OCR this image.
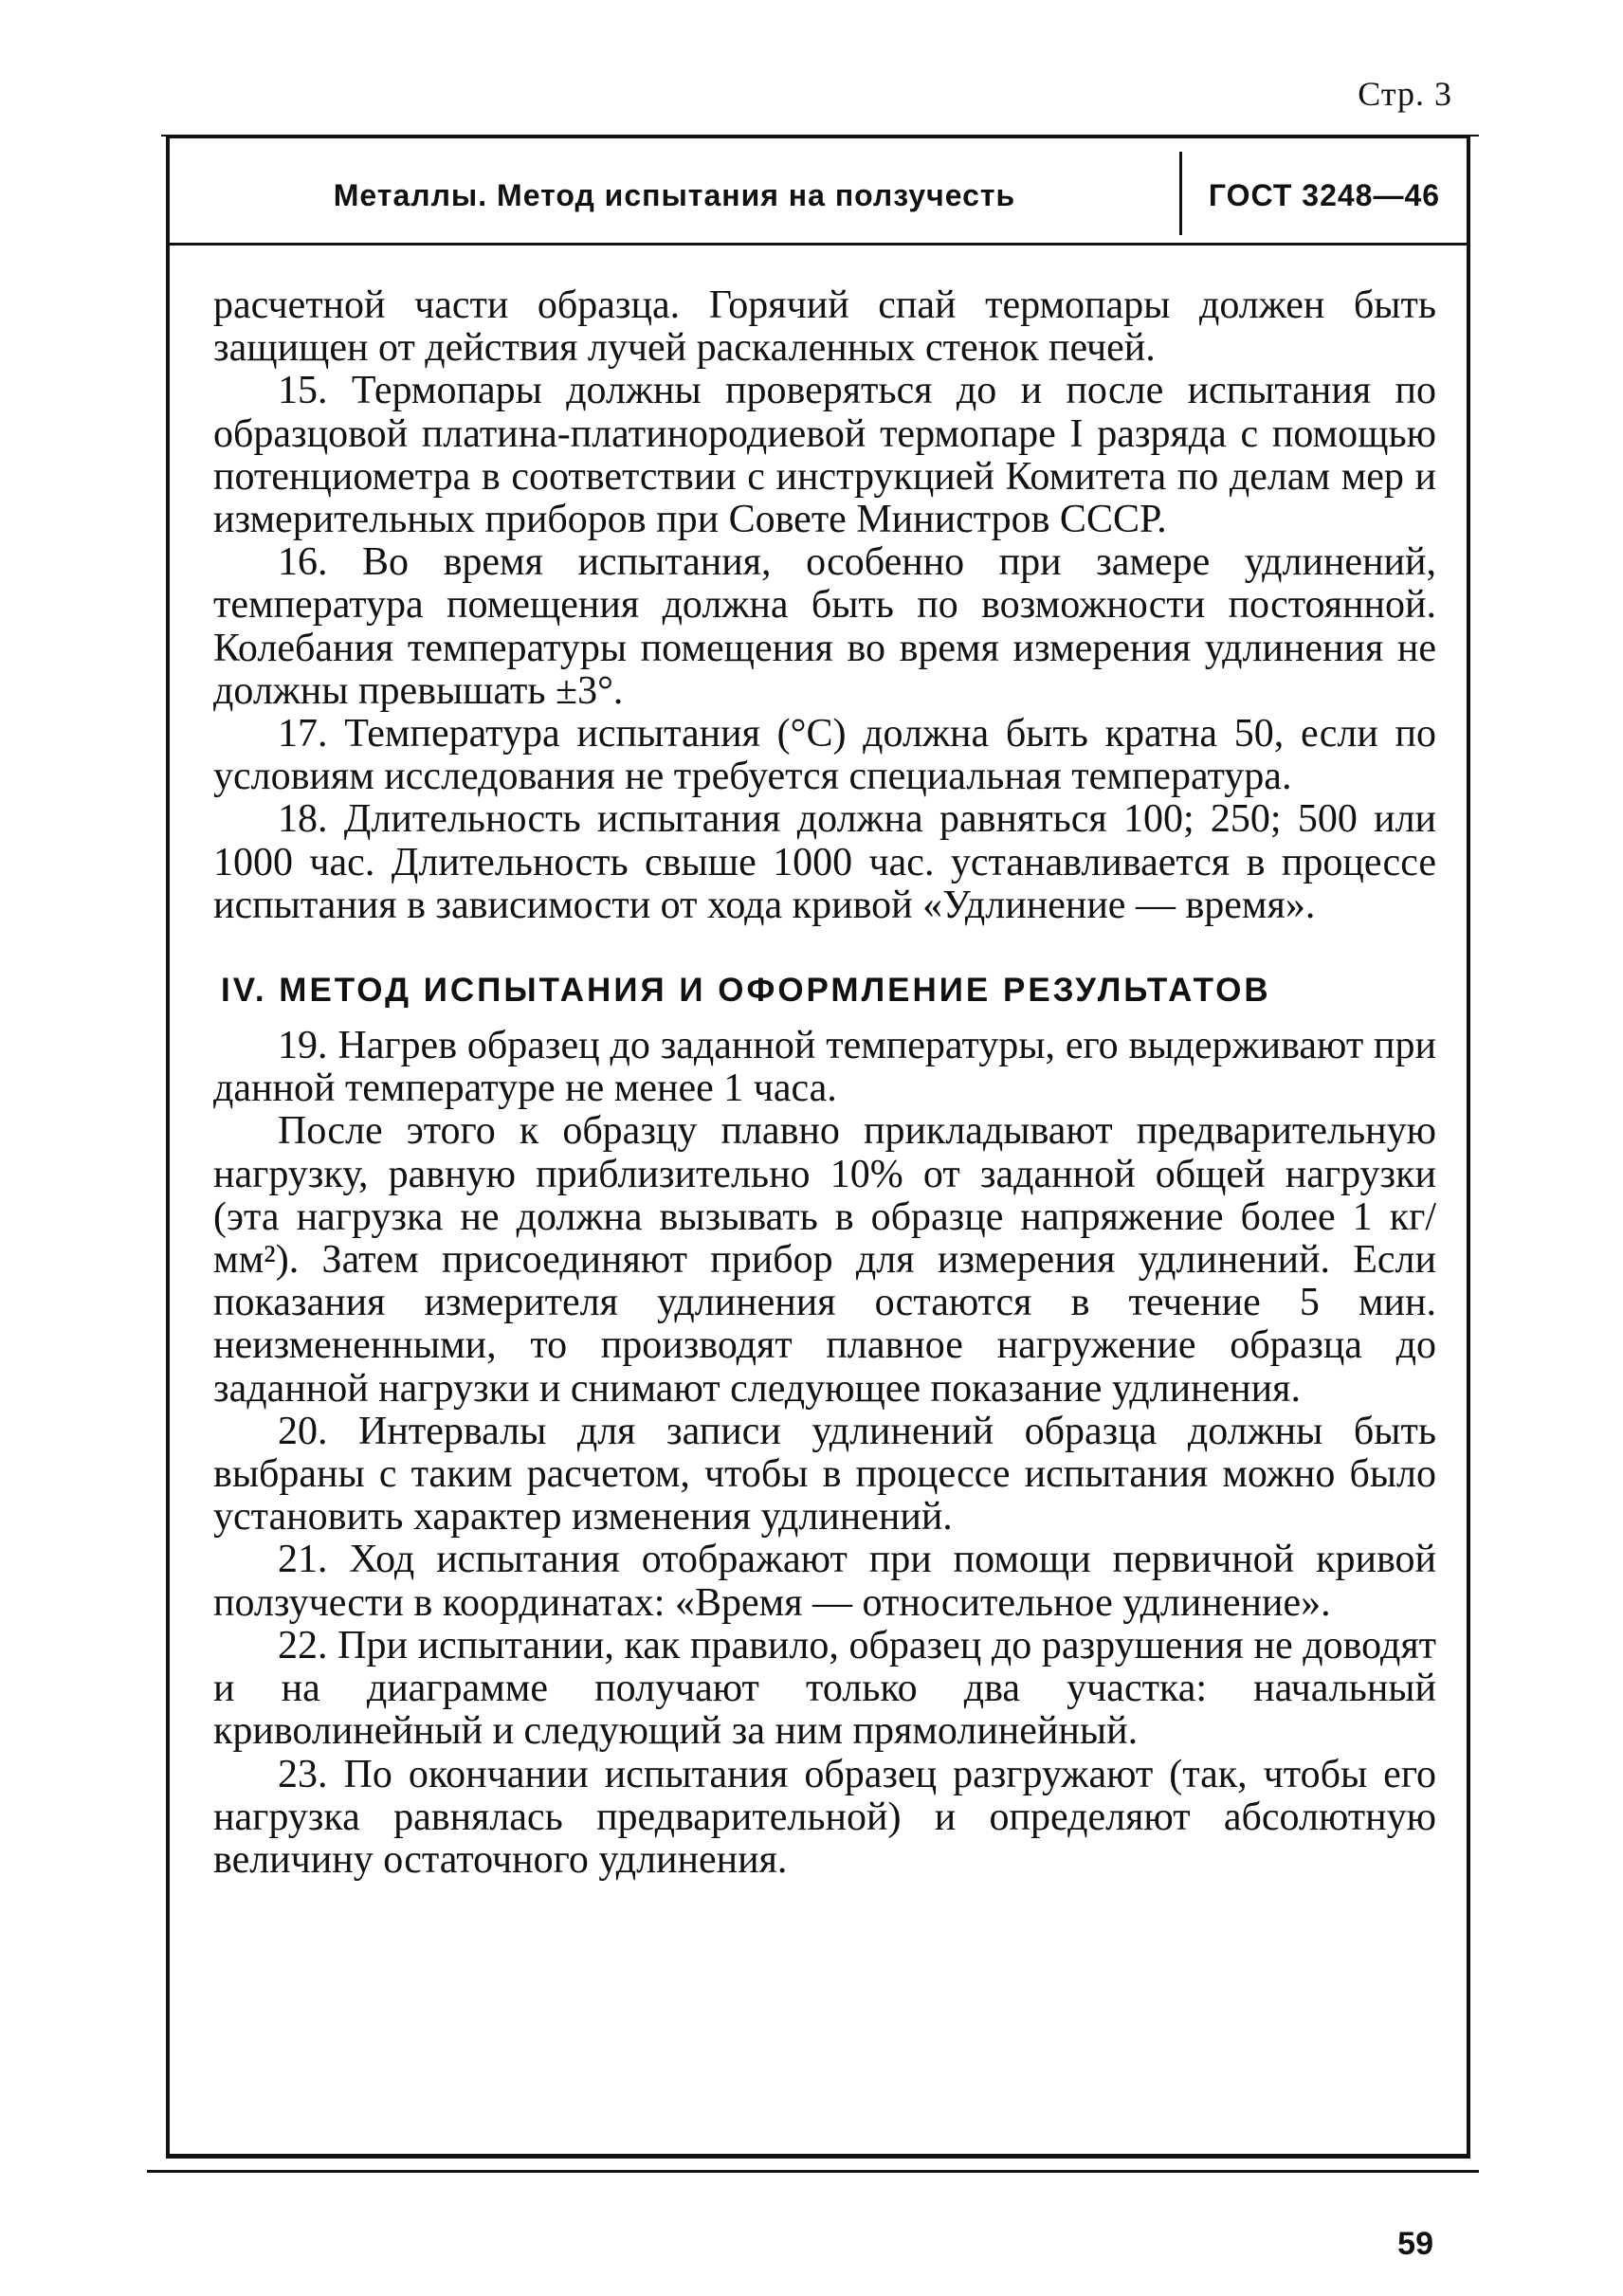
Стр. 3
Металлы. Метод испытания на ползучесть	ГОСТ 3248—46

расчетной части образца. Горячий спай термопары должен быть защищен от действия лучей раскаленных стенок печей.

15. Термопары должны проверяться до и после испытания по образцовой платина-платинородиевой термопаре I разряда с помощью потенциометра в соответствии с инструкцией Комитета по делам мер и измерительных приборов при Совете Министров СССР.

16. Во время испытания, особенно при замере удлинений, температура помещения должна быть по возможности постоянной. Колебания температуры помещения во время измерения удлинения не должны превышать ±3°.

17. Температура испытания (°С) должна быть кратна 50, если по условиям исследования не требуется специальная температура.

18. Длительность испытания должна равняться 100; 250; 500 или 1000 час. Длительность свыше 1000 час. устанавливается в процессе испытания в зависимости от хода кривой «Удлинение — время».

IV. МЕТОД ИСПЫТАНИЯ И ОФОРМЛЕНИЕ РЕЗУЛЬТАТОВ

19. Нагрев образец до заданной температуры, его выдерживают при данной температуре не менее 1 часа.

После этого к образцу плавно прикладывают предварительную нагрузку, равную приблизительно 10% от заданной общей нагрузки (эта нагрузка не должна вызывать в образце напряжение более 1 кг/мм²). Затем присоединяют прибор для измерения удлинений. Если показания измерителя удлинения остаются в течение 5 мин. неизмененными, то производят плавное нагружение образца до заданной нагрузки и снимают следующее показание удлинения.

20. Интервалы для записи удлинений образца должны быть выбраны с таким расчетом, чтобы в процессе испытания можно было установить характер изменения удлинений.

21. Ход испытания отображают при помощи первичной кривой ползучести в координатах: «Время — относительное удлинение».

22. При испытании, как правило, образец до разрушения не доводят и на диаграмме получают только два участка: начальный криволинейный и следующий за ним прямолинейный.

23. По окончании испытания образец разгружают (так, чтобы его нагрузка равнялась предварительной) и определяют абсолютную величину остаточного удлинения.

59
